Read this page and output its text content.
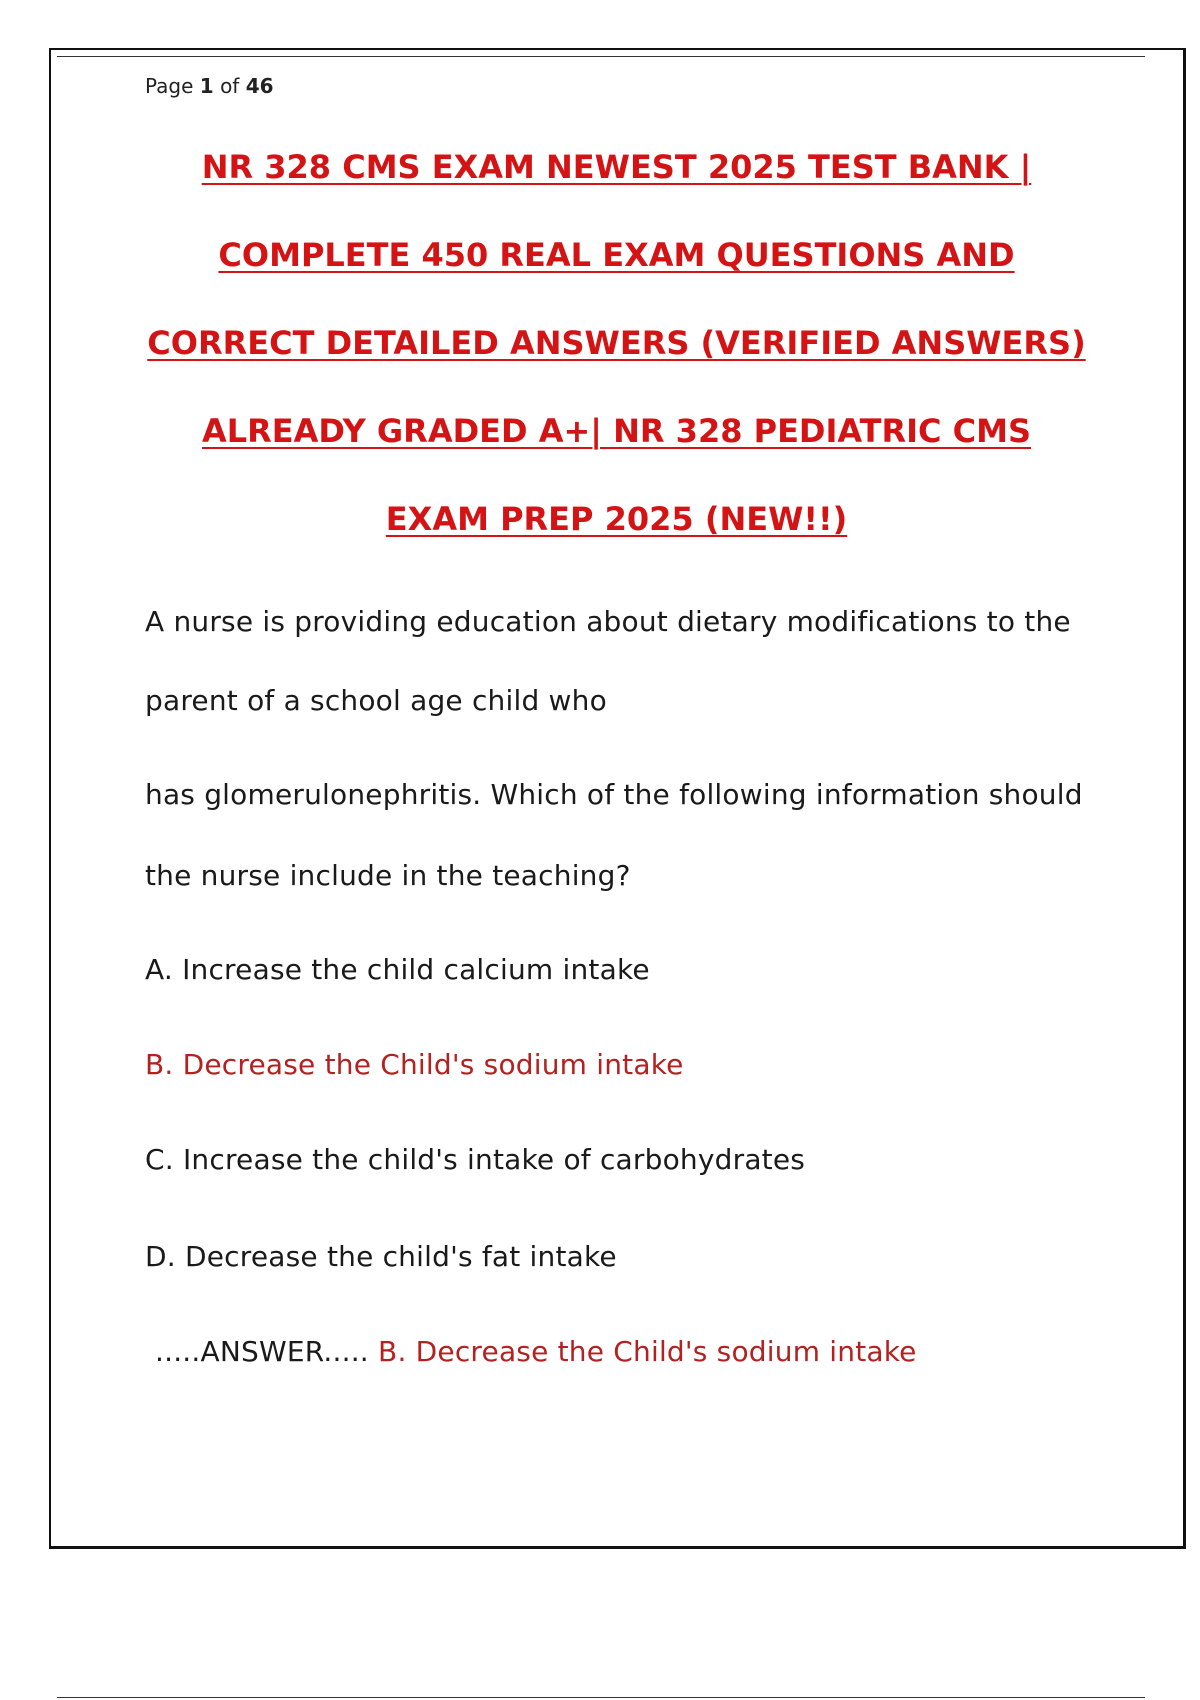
Page 1 of 46
NR 328 CMS EXAM NEWEST 2025 TEST BANK |
COMPLETE 450 REAL EXAM QUESTIONS AND
CORRECT DETAILED ANSWERS (VERIFIED ANSWERS)
ALREADY GRADED A+| NR 328 PEDIATRIC CMS
EXAM PREP 2025 (NEW!!)
A nurse is providing education about dietary modifications to the
parent of a school age child who
has glomerulonephritis. Which of the following information should
the nurse include in the teaching?
A. Increase the child calcium intake
B. Decrease the Child's sodium intake
C. Increase the child's intake of carbohydrates
D. Decrease the child's fat intake
.....ANSWER..... B. Decrease the Child's sodium intake
